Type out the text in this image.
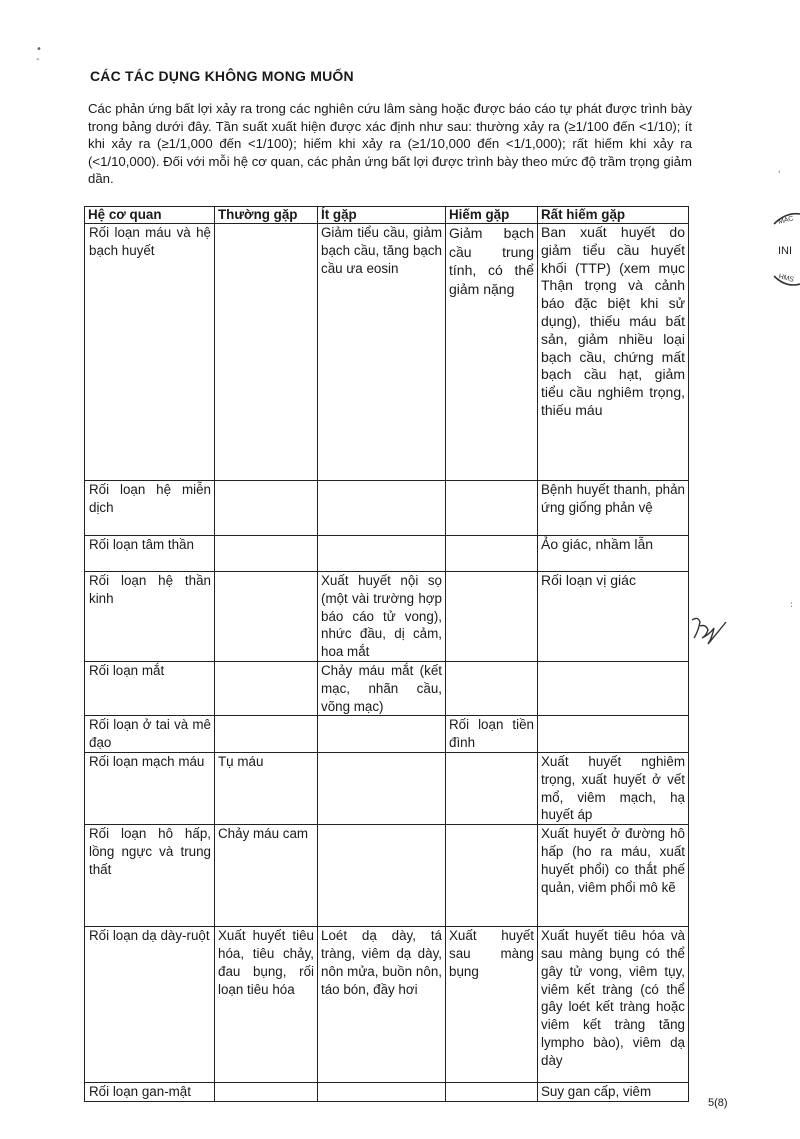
•
-
CÁC TÁC DỤNG KHÔNG MONG MUỐN
Các phản ứng bất lợi xảy ra trong các nghiên cứu lâm sàng hoặc được báo cáo tự phát được trình bày trong bảng dưới đây. Tần suất xuất hiện được xác định như sau: thường xảy ra (≥1/100 đến <1/10); ít khi xảy ra (≥1/1,000 đến <1/100); hiếm khi xảy ra (≥1/10,000 đến <1/1,000); rất hiếm khi xảy ra (<1/10,000). Đối với mỗi hệ cơ quan, các phản ứng bất lợi được trình bày theo mức độ trầm trọng giảm dần.
Hệ cơ quan	Thường gặp	Ít gặp	Hiếm gặp	Rất hiếm gặp
Rối loạn máu và hệ bạch huyết		Giảm tiểu cầu, giảm bạch cầu, tăng bạch cầu ưa eosin	Giảm bạch cầu trung tính, có thể giảm nặng	Ban xuất huyết do giảm tiểu cầu huyết khối (TTP) (xem mục Thận trọng và cảnh báo đặc biệt khi sử dụng), thiếu máu bất sản, giảm nhiều loại bạch cầu, chứng mất bạch cầu hạt, giảm tiểu cầu nghiêm trọng, thiếu máu
Rối loạn hệ miễn dịch				Bệnh huyết thanh, phản ứng giống phản vệ
Rối loạn tâm thần				Ảo giác, nhầm lẫn
Rối loạn hệ thần kinh		Xuất huyết nội sọ (một vài trường hợp báo cáo tử vong), nhức đầu, dị cảm, hoa mắt		Rối loạn vị giác
Rối loạn mắt		Chảy máu mắt (kết mạc, nhãn cầu, võng mạc)		
Rối loạn ở tai và mê đạo			Rối loạn tiền đình	
Rối loạn mạch máu	Tụ máu			Xuất huyết nghiêm trọng, xuất huyết ở vết mổ, viêm mạch, hạ huyết áp
Rối loạn hô hấp, lồng ngực và trung thất	Chảy máu cam			Xuất huyết ở đường hô hấp (ho ra máu, xuất huyết phổi) co thắt phế quản, viêm phổi mô kẽ
Rối loạn dạ dày-ruột	Xuất huyết tiêu hóa, tiêu chảy, đau bụng, rối loạn tiêu hóa	Loét dạ dày, tá tràng, viêm dạ dày, nôn mửa, buồn nôn, táo bón, đầy hơi	Xuất huyết sau màng bụng	Xuất huyết tiêu hóa và sau màng bụng có thể gây tử vong, viêm tụy, viêm kết tràng (có thể gây loét kết tràng hoặc viêm kết tràng tăng lympho bào), viêm dạ dày
Rối loạn gan-mật				Suy gan cấp, viêm
MAC
INI
HMS
'
:
5(8)
